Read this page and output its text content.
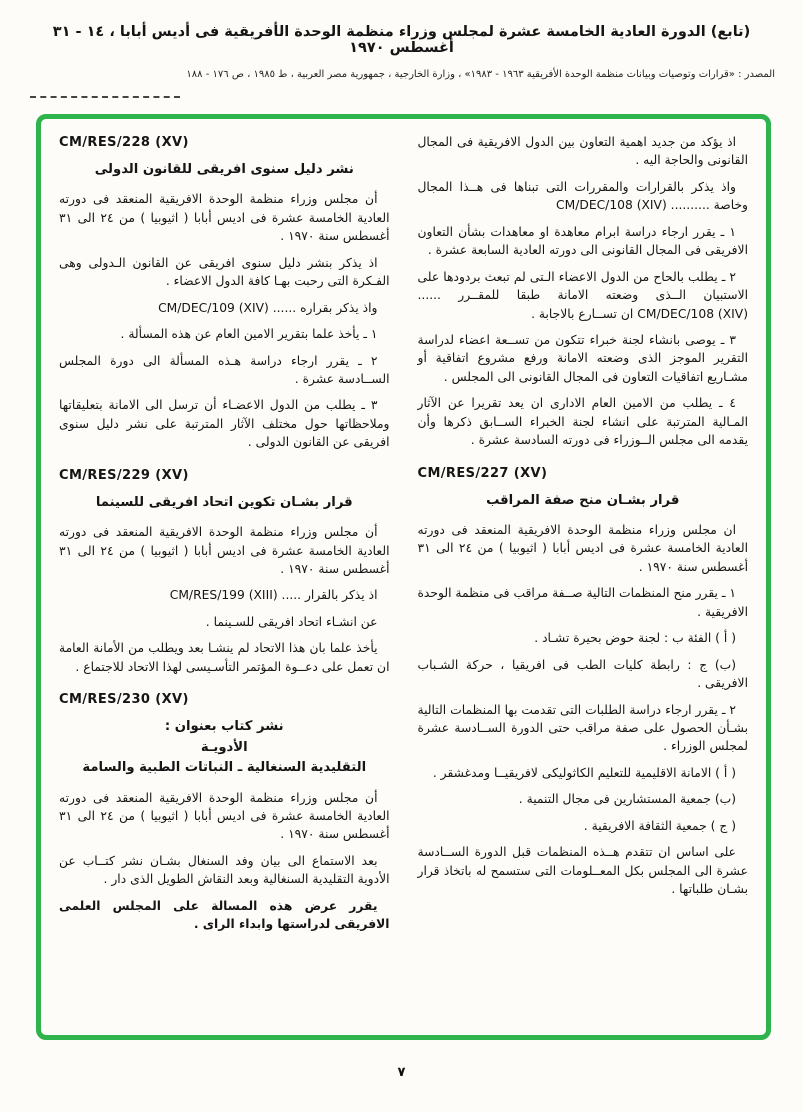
(تابع) الدورة العادية الخامسة عشرة لمجلس وزراء منظمة الوحدة الأفريقية فى أديس أبابا ، ١٤ - ٣١ أغسطس ١٩٧٠
المصدر : «قرارات وتوصيات وبيانات منظمة الوحدة الأفريقية ١٩٦٣ - ١٩٨٣» ، وزارة الخارجية ، جمهورية مصر العربية ، ط ١٩٨٥ ، ص ١٧٦ - ١٨٨
اذ يؤكد من جديد اهمية التعاون بين الدول الافريقية فى المجال القانونى والحاجة اليه .
واذ يذكر بالقرارات والمقررات التى تبناها فى هــذا المجال وخاصة .......... CM/DEC/108 (XIV)
١ ـ يقرر ارجاء دراسة ابرام معاهدة او معاهدات بشأن التعاون الافريقى فى المجال القانونى الى دورته العادية السابعة عشرة .
٢ ـ يطلب بالحاح من الدول الاعضاء الـتى لم تبعث بردودها على الاستبيان الــذى وضعته الامانة طبقا للمقــرر ...... CM/DEC/108 (XIV) ان تســارع بالاجابة .
٣ ـ يوصى بانشاء لجنة خبراء تتكون من تســعة اعضاء لدراسة التقرير الموجز الذى وضعته الامانة ورفع مشروع اتفاقية أو مشـاريع اتفاقيات التعاون فى المجال القانونى الى المجلس .
٤ ـ يطلب من الامين العام الادارى ان يعد تقريرا عن الآثار المـالية المترتبة على انشاء لجنة الخبراء الســابق ذكرها وأن يقدمه الى مجلس الــوزراء فى دورته السادسة عشرة .
CM/RES/227 (XV)
قرار بشـان منح صفة المراقب
ان مجلس وزراء منظمة الوحدة الافريقية المنعقد فى دورته العادية الخامسة عشرة فى اديس أبابا ( اثيوبيا ) من ٢٤ الى ٣١ أغسطس سنة ١٩٧٠ .
١ ـ يقرر منح المنظمات التالية صــفة مراقب فى منظمة الوحدة الافريقية .
( أ ) الفئة ب : لجنة حوض بحيرة تشـاد .
(ب) ج : رابطة كليات الطب فى افريقيا ، حركة الشـباب الافريقى .
٢ ـ يقرر ارجاء دراسة الطلبات التى تقدمت بها المنظمات التالية بشـأن الحصول على صفة مراقب حتى الدورة الســادسة عشرة لمجلس الوزراء .
( أ ) الامانة الاقليمية للتعليم الكاثوليكى لافريقيــا ومدغشقر .
(ب) جمعية المستشارين فى مجال التنمية .
( ج ) جمعية الثقافة الافريقية .
على اساس ان تتقدم هــذه المنظمات قبل الدورة الســادسة عشرة الى المجلس بكل المعــلومات التى ستسمح له باتخاذ قرار بشـان طلباتها .
CM/RES/228 (XV)
نشر دليل سنوى افريقى للقانون الدولى
أن مجلس وزراء منظمة الوحدة الافريقية المنعقد فى دورته العادية الخامسة عشرة فى اديس أبابا ( اثيوبيا ) من ٢٤ الى ٣١ أغسطس سنة ١٩٧٠ .
اذ يذكر بنشر دليل سنوى افريقى عن القانون الـدولى وهى الفـكرة التى رحبت بهـا كافة الدول الاعضاء .
واذ يذكر بقراره ...... CM/DEC/109 (XIV)
١ ـ يأخذ علما بتقرير الامين العام عن هذه المسألة .
٢ ـ يقرر ارجاء دراسة هـذه المسألة الى دورة المجلس الســادسة عشرة .
٣ ـ يطلب من الدول الاعضـاء أن ترسل الى الامانة بتعليقاتها وملاحظاتها حول مختلف الآثار المترتبة على نشر دليل سنوى افريقى عن القانون الدولى .
CM/RES/229 (XV)
قرار بشـان تكوين اتحاد افريقى للسينما
أن مجلس وزراء منظمة الوحدة الافريقية المنعقد فى دورته العادية الخامسة عشرة فى اديس أبابا ( اثيوبيا ) من ٢٤ الى ٣١ أغسطس سنة ١٩٧٠ .
اذ يذكر بالقرار ..... CM/RES/199 (XIII)
عن انشـاء اتحاد افريقى للسـينما .
يأخذ علما بان هذا الاتحاد لم ينشـا بعد ويطلب من الأمانة العامة ان تعمل على دعــوة المؤتمر التأسـيسى لهذا الاتحاد للاجتماع .
CM/RES/230 (XV)
نشر كتاب بعنوان :
الأدويـة
التقليدية السنغالية ـ النباتات الطبية والسامة
أن مجلس وزراء منظمة الوحدة الافريقية المنعقد فى دورته العادية الخامسة عشرة فى اديس أبابا ( اثيوبيا ) من ٢٤ الى ٣١ أغسطس سنة ١٩٧٠ .
بعد الاستماع الى بيان وفد السنغال بشـان نشر كتــاب عن الأدوية التقليدية السنغالية وبعد النقاش الطويل الذى دار .
يقرر عرض هذه المسالة على المجلس العلمى الافريقى لدراستها وابداء الراى .
٧
